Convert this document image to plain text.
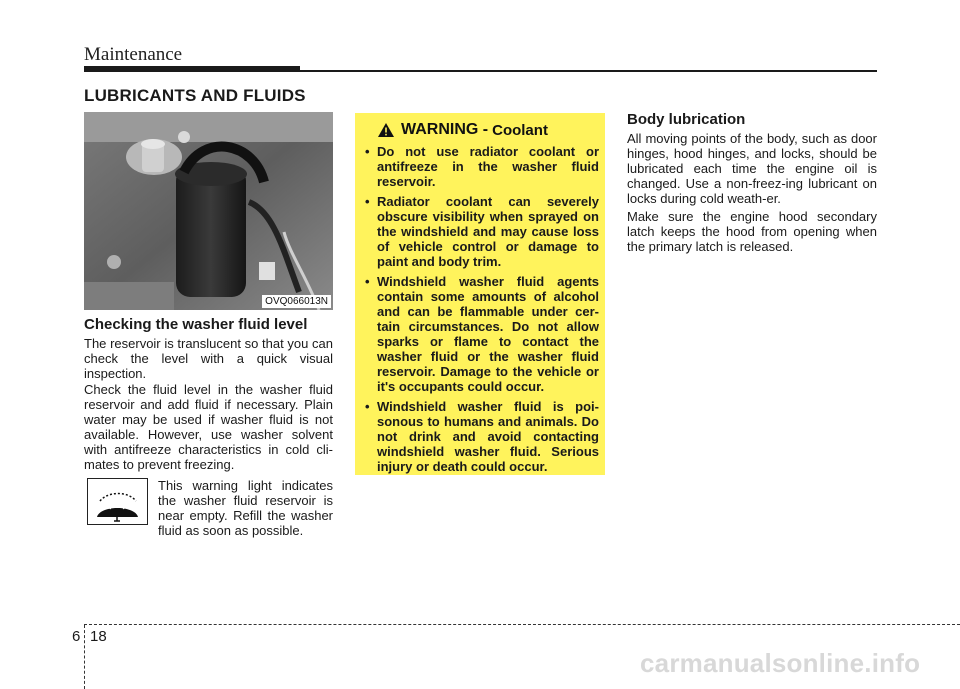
Maintenance
LUBRICANTS AND FLUIDS
OVQ066013N
Checking the washer fluid level

The reservoir is translucent so that you can check the level with a quick visual inspection.

Check the fluid level in the washer fluid reservoir and add fluid if necessary. Plain water may be used if washer fluid is not available. However, use washer solvent with antifreeze characteristics in cold cli-mates to prevent freezing.

This warning light indicates the washer fluid reservoir is near empty. Refill the washer fluid as soon as possible.

WARNING - Coolant
• Do not use radiator coolant or antifreeze in the washer fluid reservoir.
• Radiator coolant can severely obscure visibility when sprayed on the windshield and may cause loss of vehicle control or damage to paint and body trim.
• Windshield washer fluid agents contain some amounts of alcohol and can be flammable under cer-tain circumstances. Do not allow sparks or flame to contact the washer fluid or the washer fluid reservoir. Damage to the vehicle or it's occupants could occur.
• Windshield washer fluid is poi-sonous to humans and animals. Do not drink and avoid contacting windshield washer fluid. Serious injury or death could occur.
Body lubrication

All moving points of the body, such as door hinges, hood hinges, and locks, should be lubricated each time the engine oil is changed. Use a non-freez-ing lubricant on locks during cold weath-er.

Make sure the engine hood secondary latch keeps the hood from opening when the primary latch is released.

6 18
carmanualsonline.info
